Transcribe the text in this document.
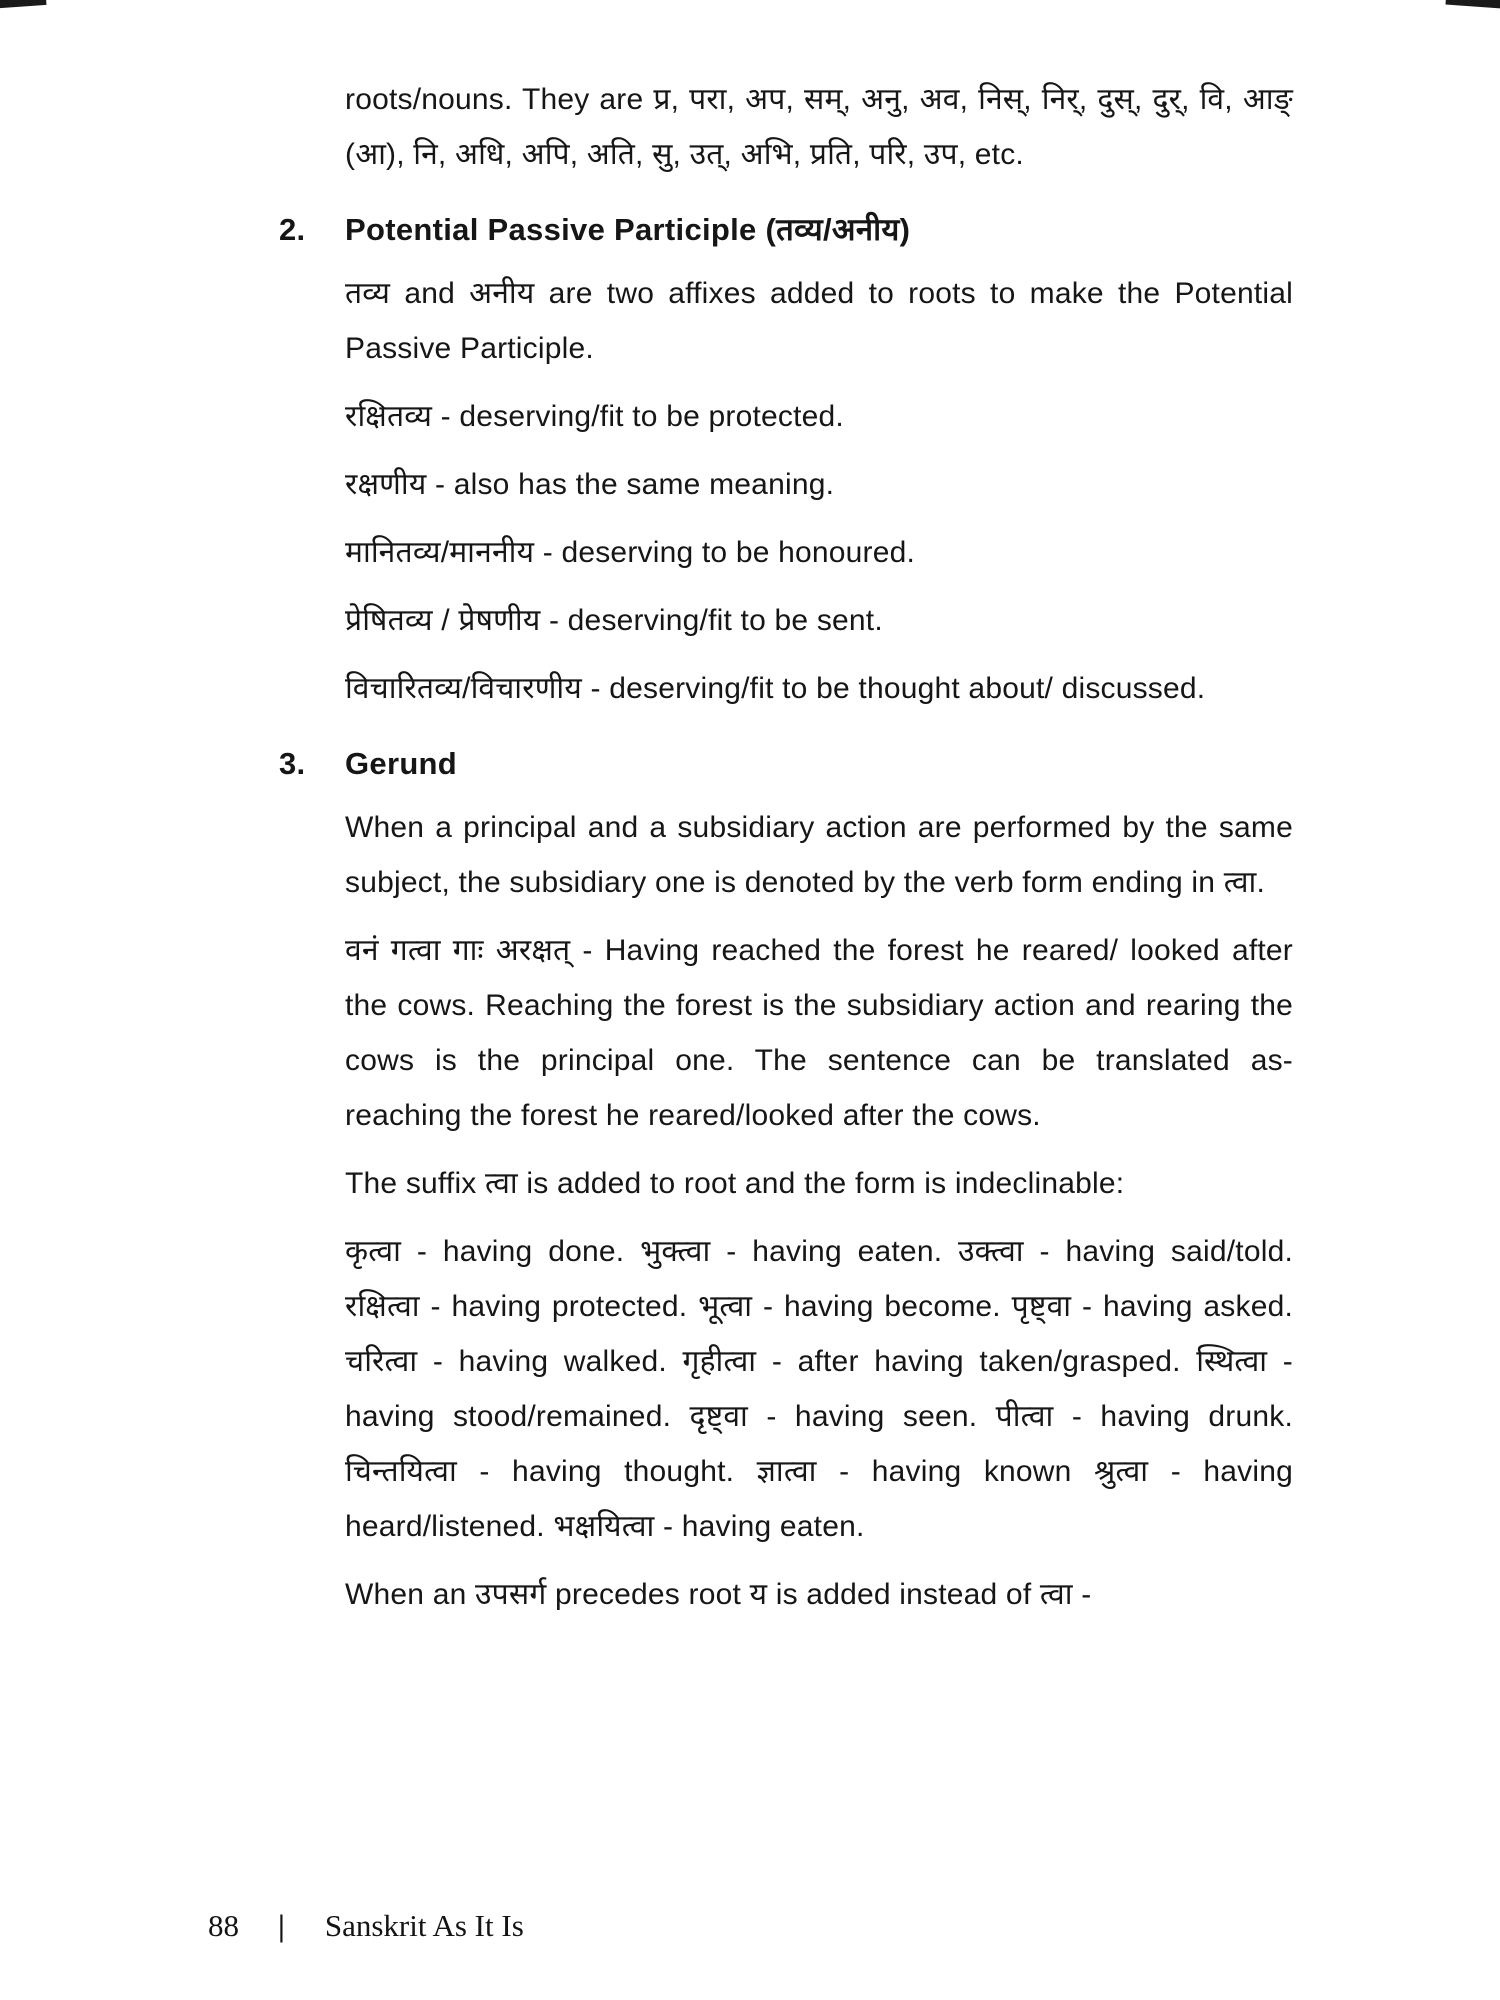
roots/nouns. They are प्र, परा, अप, सम्, अनु, अव, निस्, निर्, दुस्, दुर्, वि, आङ् (आ), नि, अधि, अपि, अति, सु, उत्, अभि, प्रति, परि, उप, etc.

2. Potential Passive Participle (तव्य/अनीय)

तव्य and अनीय are two affixes added to roots to make the Potential Passive Participle.

रक्षितव्य - deserving/fit to be protected.

रक्षणीय - also has the same meaning.

मानितव्य/माननीय - deserving to be honoured.

प्रेषितव्य / प्रेषणीय - deserving/fit to be sent.

विचारितव्य/विचारणीय - deserving/fit to be thought about/ discussed.

3. Gerund

When a principal and a subsidiary action are performed by the same subject, the subsidiary one is denoted by the verb form ending in त्वा.

वनं गत्वा गाः अरक्षत् - Having reached the forest he reared/ looked after the cows. Reaching the forest is the subsidiary action and rearing the cows is the principal one. The sentence can be translated as- reaching the forest he reared/looked after the cows.

The suffix त्वा is added to root and the form is indeclinable:

कृत्वा - having done. भुक्त्वा - having eaten. उक्त्वा - having said/told. रक्षित्वा - having protected. भूत्वा - having become. पृष्ट्वा - having asked. चरित्वा - having walked. गृहीत्वा - after having taken/grasped. स्थित्वा - having stood/remained. दृष्ट्वा - having seen. पीत्वा - having drunk. चिन्तयित्वा - having thought. ज्ञात्वा - having known श्रुत्वा - having heard/listened. भक्षयित्वा - having eaten.

When an उपसर्ग precedes root य is added instead of त्वा -

88	| Sanskrit As It Is
